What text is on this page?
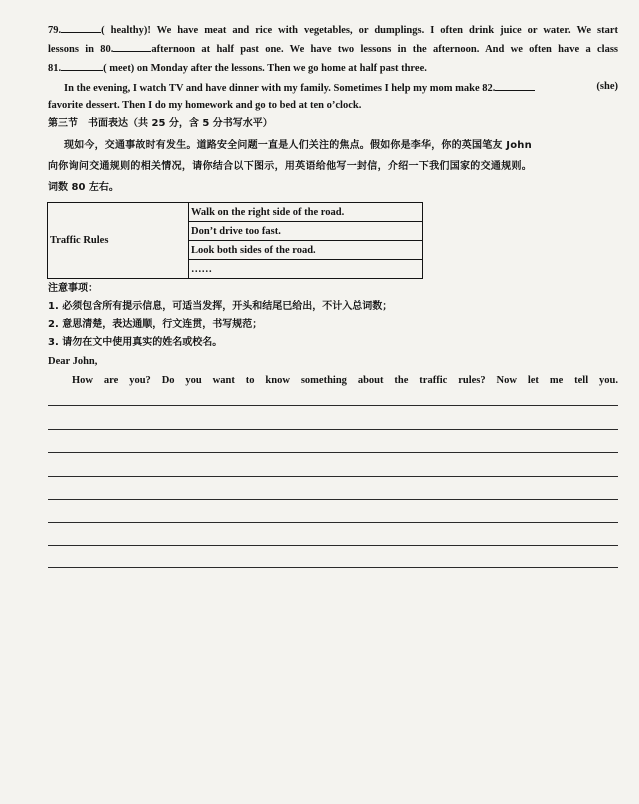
79.	( healthy)! We have meat and rice with vegetables, or dumplings. I often drink juice or water. We start
lessons in 80.	afternoon at half past one. We have two lessons in the afternoon. And we often have a class
81.	( meet) on Monday after the lessons. Then we go home at half past three.
In the evening, I watch TV and have dinner with my family. Sometimes I help my mom make 82.	(she)
favorite dessert. Then I do my homework and go to bed at ten o’clock.
第三节　书面表达（共 25 分，含 5 分书写水平）
现如今，交通事故时有发生。道路安全问题一直是人们关注的焦点。假如你是李华，你的英国笔友 John
向你询问交通规则的相关情况，请你结合以下图示，用英语给他写一封信，介绍一下我们国家的交通规则。
词数 80 左右。
Traffic Rules	Walk on the right side of the road.
Don’t drive too fast.
Look both sides of the road.
……
注意事项：
1. 必须包含所有提示信息，可适当发挥，开头和结尾已给出，不计入总词数；
2. 意思清楚，表达通顺，行文连贯，书写规范；
3. 请勿在文中使用真实的姓名或校名。
Dear John,
How are you? Do you want to know something about the traffic rules? Now let me tell you.
